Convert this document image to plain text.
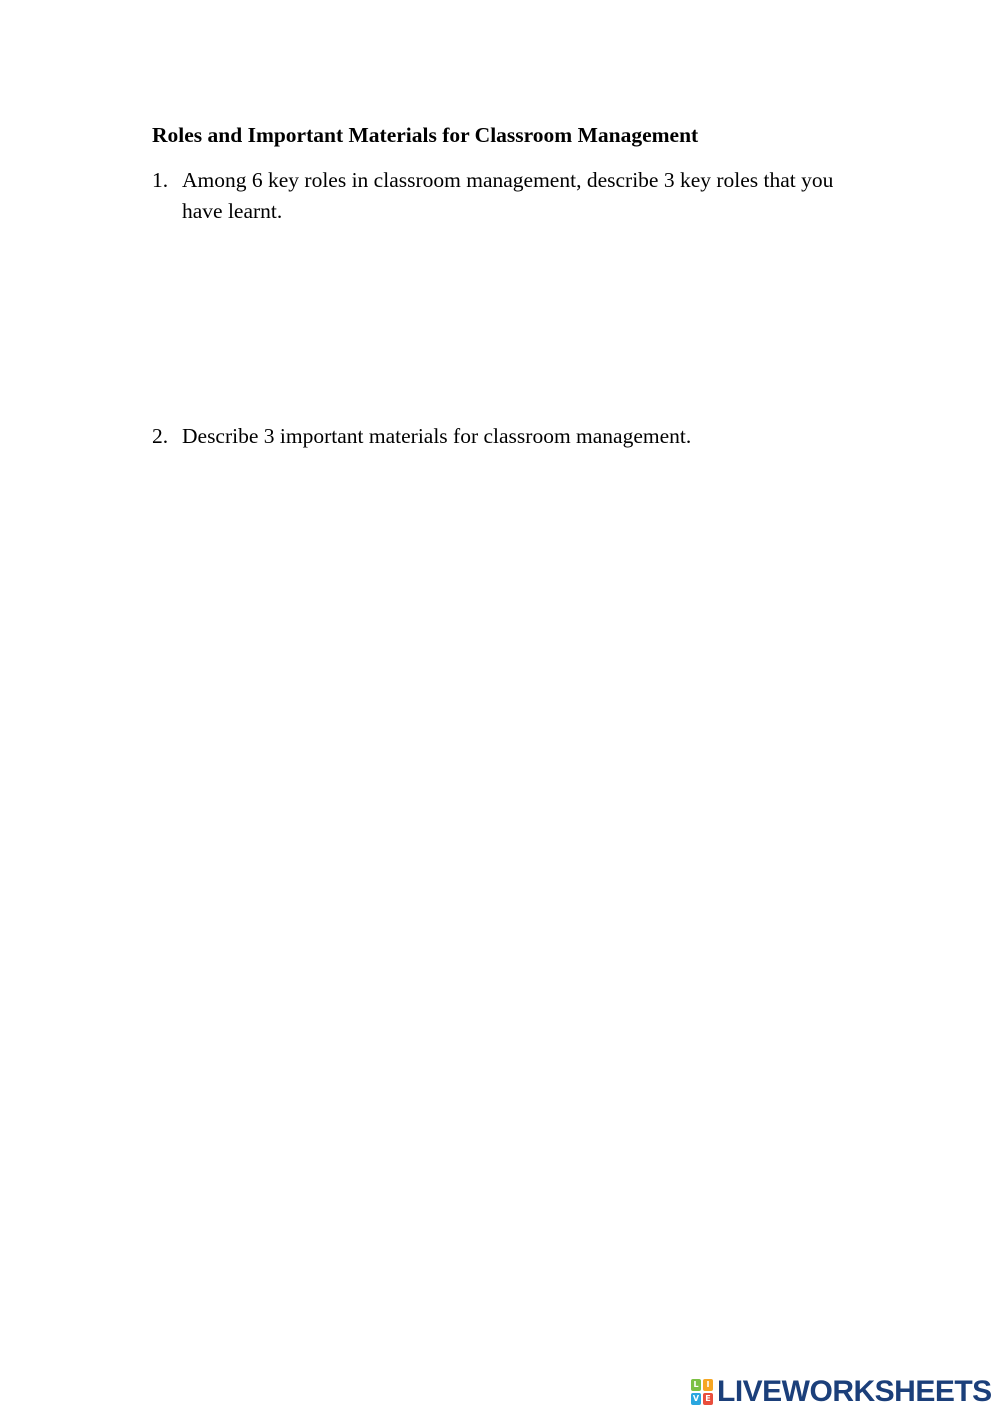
Roles and Important Materials for Classroom Management
1. Among 6 key roles in classroom management, describe 3 key roles that you have learnt.
2. Describe 3 important materials for classroom management.
L I
V E LIVEWORKSHEETS
